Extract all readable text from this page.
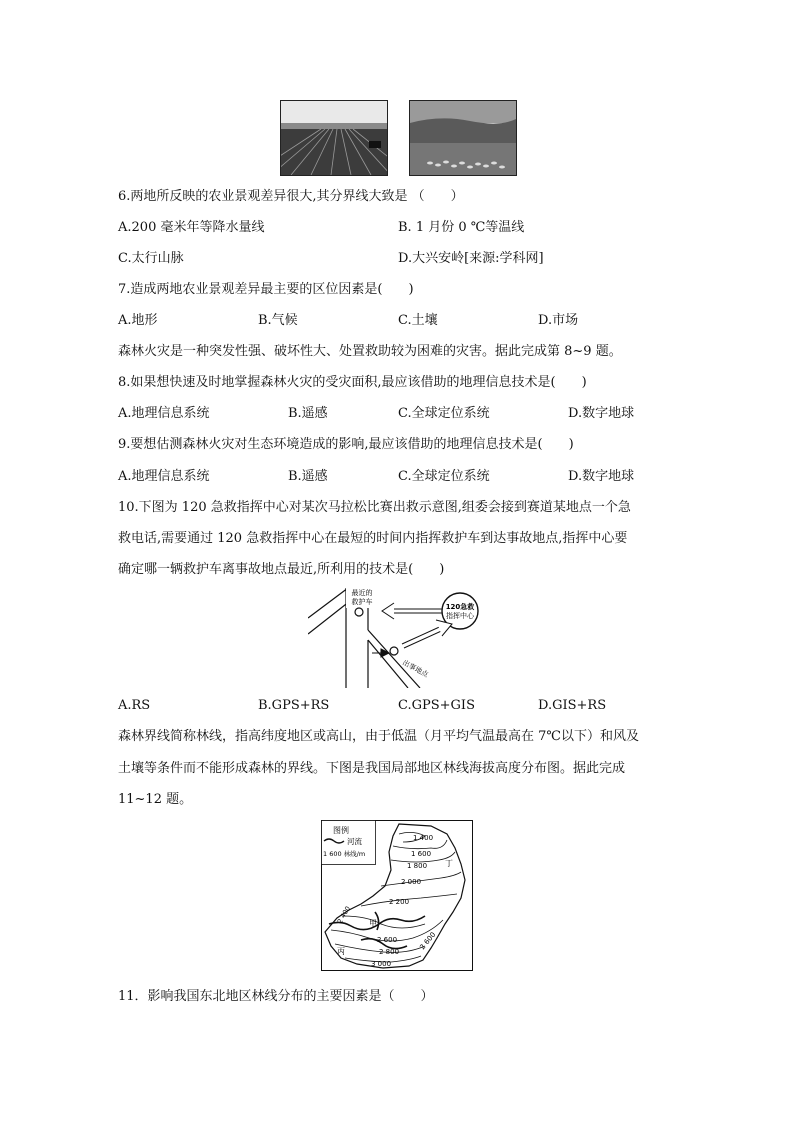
6.两地所反映的农业景观差异很大,其分界线大致是 （　　）
A.200 毫米年等降水量线	B. 1 月份 0 ℃等温线
C.太行山脉	D.大兴安岭[来源:学科网]
7.造成两地农业景观差异最主要的区位因素是(　　)
A.地形	B.气候	C.土壤	D.市场
森林火灾是一种突发性强、破坏性大、处置救助较为困难的灾害。据此完成第 8~9 题。
8.如果想快速及时地掌握森林火灾的受灾面积,最应该借助的地理信息技术是(　　)
A.地理信息系统	B.遥感	C.全球定位系统	D.数字地球
9.要想估测森林火灾对生态环境造成的影响,最应该借助的地理信息技术是(　　)
A.地理信息系统	B.遥感	C.全球定位系统	D.数字地球
10.下图为 120 急救指挥中心对某次马拉松比赛出救示意图,组委会接到赛道某地点一个急
救电话,需要通过 120 急救指挥中心在最短的时间内指挥救护车到达事故地点,指挥中心要
确定哪一辆救护车离事故地点最近,所利用的技术是(　　)
最近的
救护车
120急救
指挥中心
出事地点
A.RS	B.GPS+RS	C.GPS+GIS	D.GIS+RS
森林界线简称林线，指高纬度地区或高山，由于低温（月平均气温最高在 7℃以下）和风及
土壤等条件而不能形成森林的界线。下图是我国局部地区林线海拔高度分布图。据此完成
11~12 题。
图例
河流
1 600 林线/m
1 400
1 600
1 800 丁
2 000
2 200
2 400 甲
2 600	2 600
2 800
3 000
丙
11．影响我国东北地区林线分布的主要因素是（　　）
